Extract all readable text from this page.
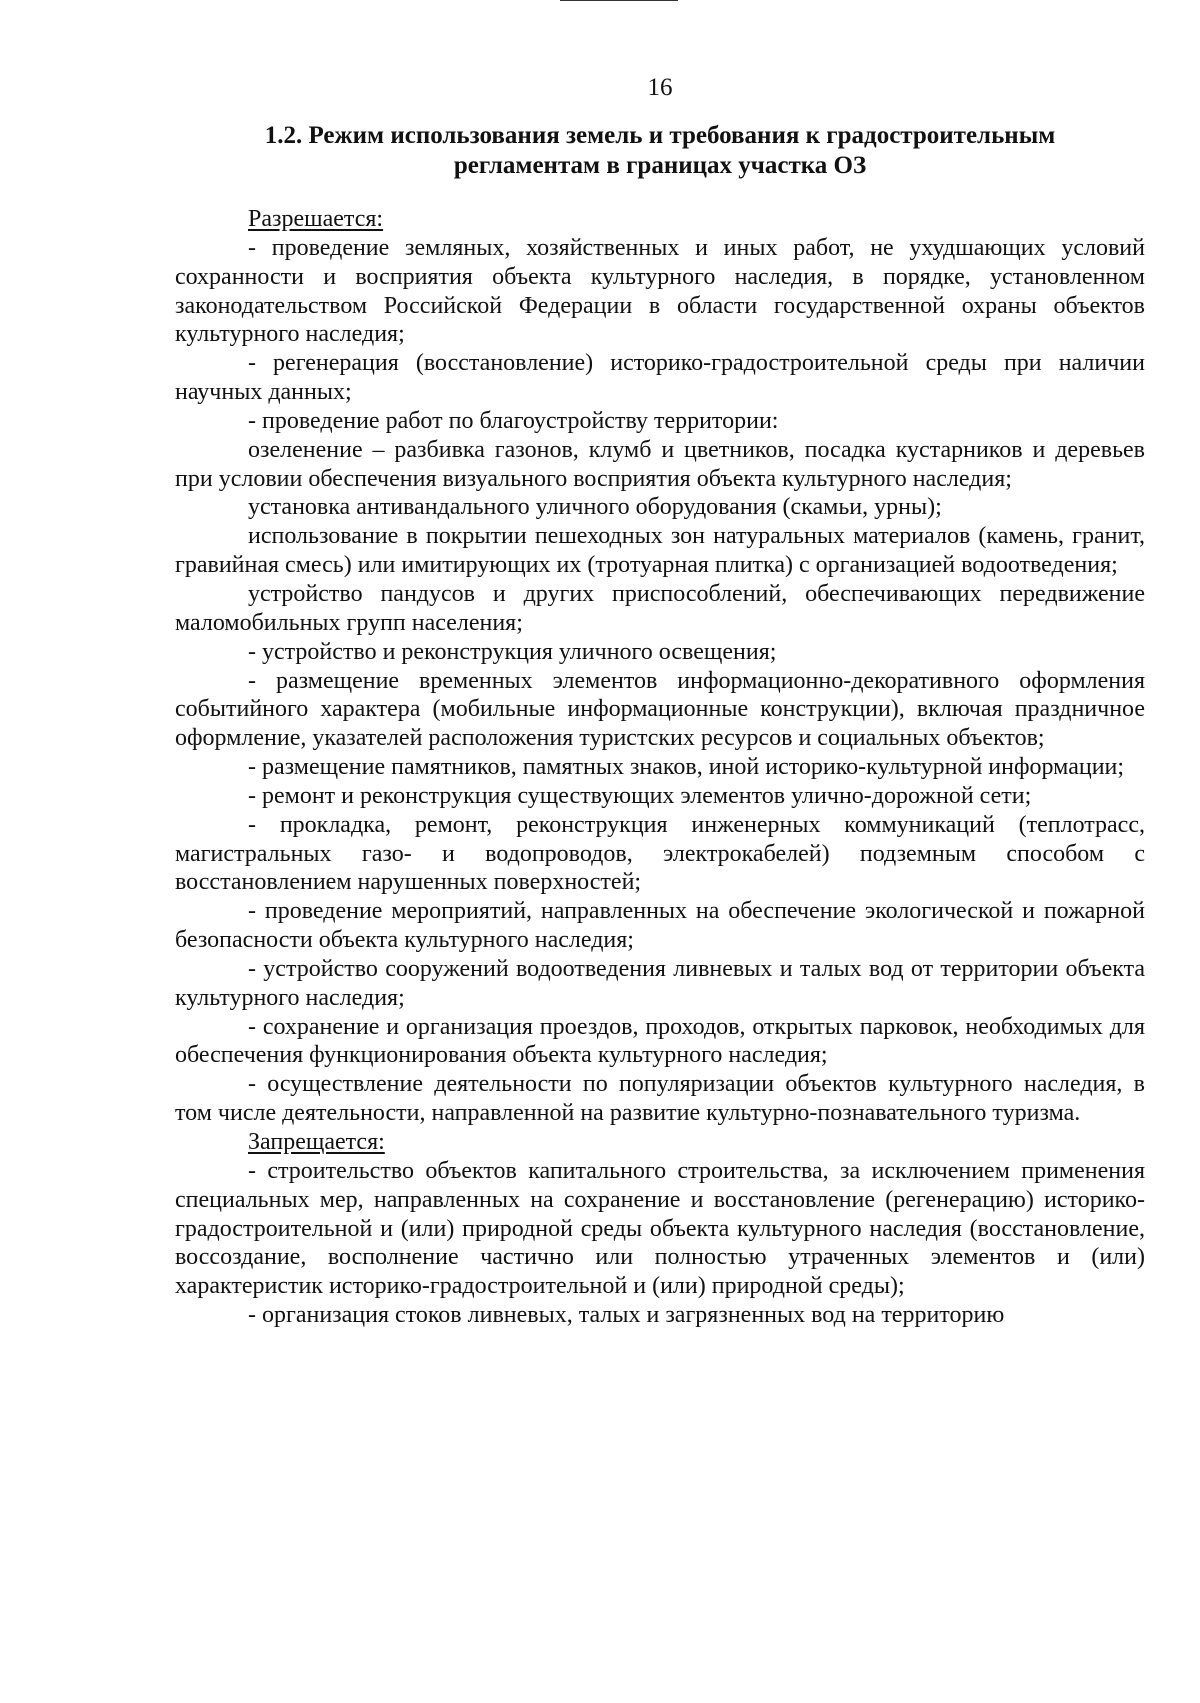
16
1.2. Режим использования земель и требования к градостроительным
регламентам в границах участка ОЗ

Разрешается:

- проведение земляных, хозяйственных и иных работ, не ухудшающих условий сохранности и восприятия объекта культурного наследия, в порядке, установленном законодательством Российской Федерации в области государственной охраны объектов культурного наследия;

- регенерация (восстановление) историко-градостроительной среды при наличии научных данных;

- проведение работ по благоустройству территории:

озеленение – разбивка газонов, клумб и цветников, посадка кустарников и деревьев при условии обеспечения визуального восприятия объекта культурного наследия;

установка антивандального уличного оборудования (скамьи, урны);

использование в покрытии пешеходных зон натуральных материалов (камень, гранит, гравийная смесь) или имитирующих их (тротуарная плитка) с организацией водоотведения;

устройство пандусов и других приспособлений, обеспечивающих передвижение маломобильных групп населения;

- устройство и реконструкция уличного освещения;

- размещение временных элементов информационно-декоративного оформления событийного характера (мобильные информационные конструкции), включая праздничное оформление, указателей расположения туристских ресурсов и социальных объектов;

- размещение памятников, памятных знаков, иной историко-культурной информации;

- ремонт и реконструкция существующих элементов улично-дорожной сети;

- прокладка, ремонт, реконструкция инженерных коммуникаций (теплотрасс, магистральных газо- и водопроводов, электрокабелей) подземным способом с восстановлением нарушенных поверхностей;

- проведение мероприятий, направленных на обеспечение экологической и пожарной безопасности объекта культурного наследия;

- устройство сооружений водоотведения ливневых и талых вод от территории объекта культурного наследия;

- сохранение и организация проездов, проходов, открытых парковок, необходимых для обеспечения функционирования объекта культурного наследия;

- осуществление деятельности по популяризации объектов культурного наследия, в том числе деятельности, направленной на развитие культурно-познавательного туризма.

Запрещается:

- строительство объектов капитального строительства, за исключением применения специальных мер, направленных на сохранение и восстановление (регенерацию) историко-градостроительной и (или) природной среды объекта культурного наследия (восстановление, воссоздание, восполнение частично или полностью утраченных элементов и (или) характеристик историко-градостроительной и (или) природной среды);

- организация стоков ливневых, талых и загрязненных вод на территорию
